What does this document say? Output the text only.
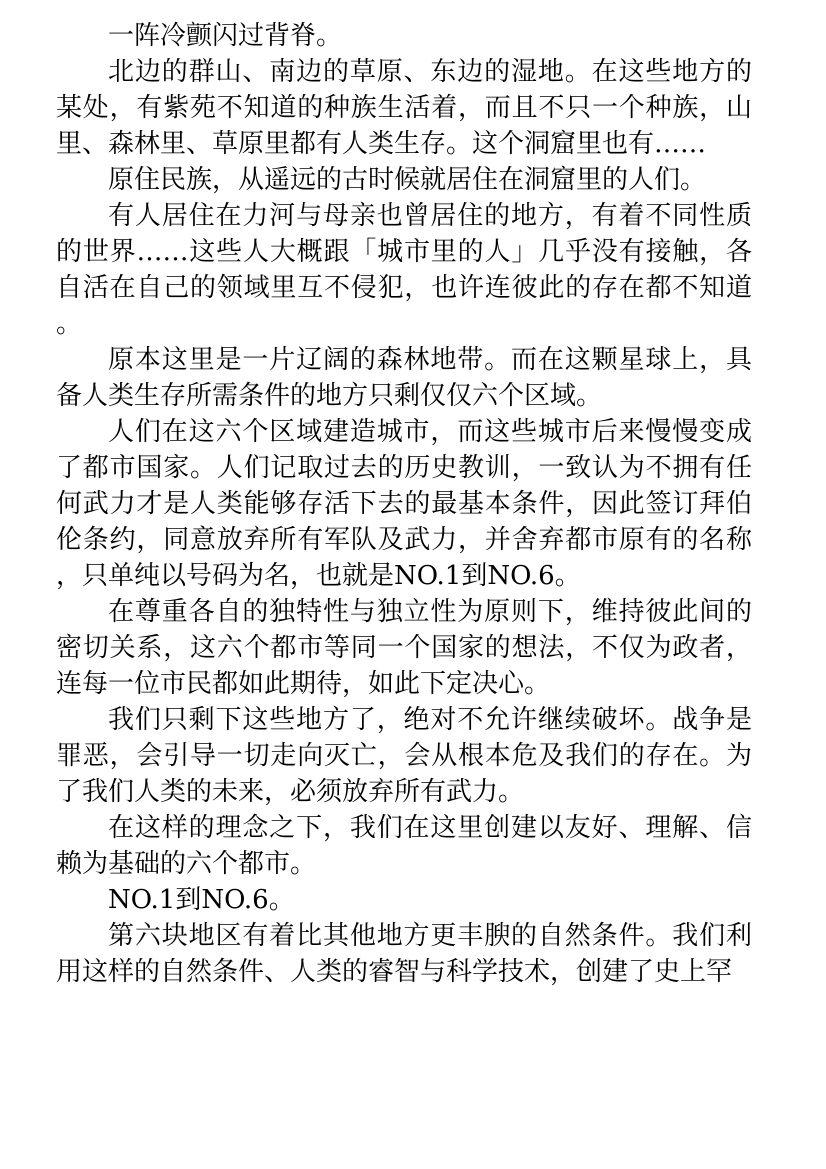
一阵冷颤闪过背脊。

北边的群山、南边的草原、东边的湿地。在这些地方的某处，有紫苑不知道的种族生活着，而且不只一个种族，山里、森林里、草原里都有人类生存。这个洞窟里也有……

原住民族，从遥远的古时候就居住在洞窟里的人们。

有人居住在力河与母亲也曾居住的地方，有着不同性质的世界……这些人大概跟「城市里的人」几乎没有接触，各自活在自己的领域里互不侵犯，也许连彼此的存在都不知道。

原本这里是一片辽阔的森林地带。而在这颗星球上，具备人类生存所需条件的地方只剩仅仅六个区域。

人们在这六个区域建造城市，而这些城市后来慢慢变成了都市国家。人们记取过去的历史教训，一致认为不拥有任何武力才是人类能够存活下去的最基本条件，因此签订拜伯伦条约，同意放弃所有军队及武力，并舍弃都市原有的名称，只单纯以号码为名，也就是NO.1到NO.6。

在尊重各自的独特性与独立性为原则下，维持彼此间的密切关系，这六个都市等同一个国家的想法，不仅为政者，连每一位市民都如此期待，如此下定决心。

我们只剩下这些地方了，绝对不允许继续破坏。战争是罪恶，会引导一切走向灭亡，会从根本危及我们的存在。为了我们人类的未来，必须放弃所有武力。

在这样的理念之下，我们在这里创建以友好、理解、信赖为基础的六个都市。

NO.1到NO.6。

第六块地区有着比其他地方更丰腴的自然条件。我们利用这样的自然条件、人类的睿智与科学技术，创建了史上罕
